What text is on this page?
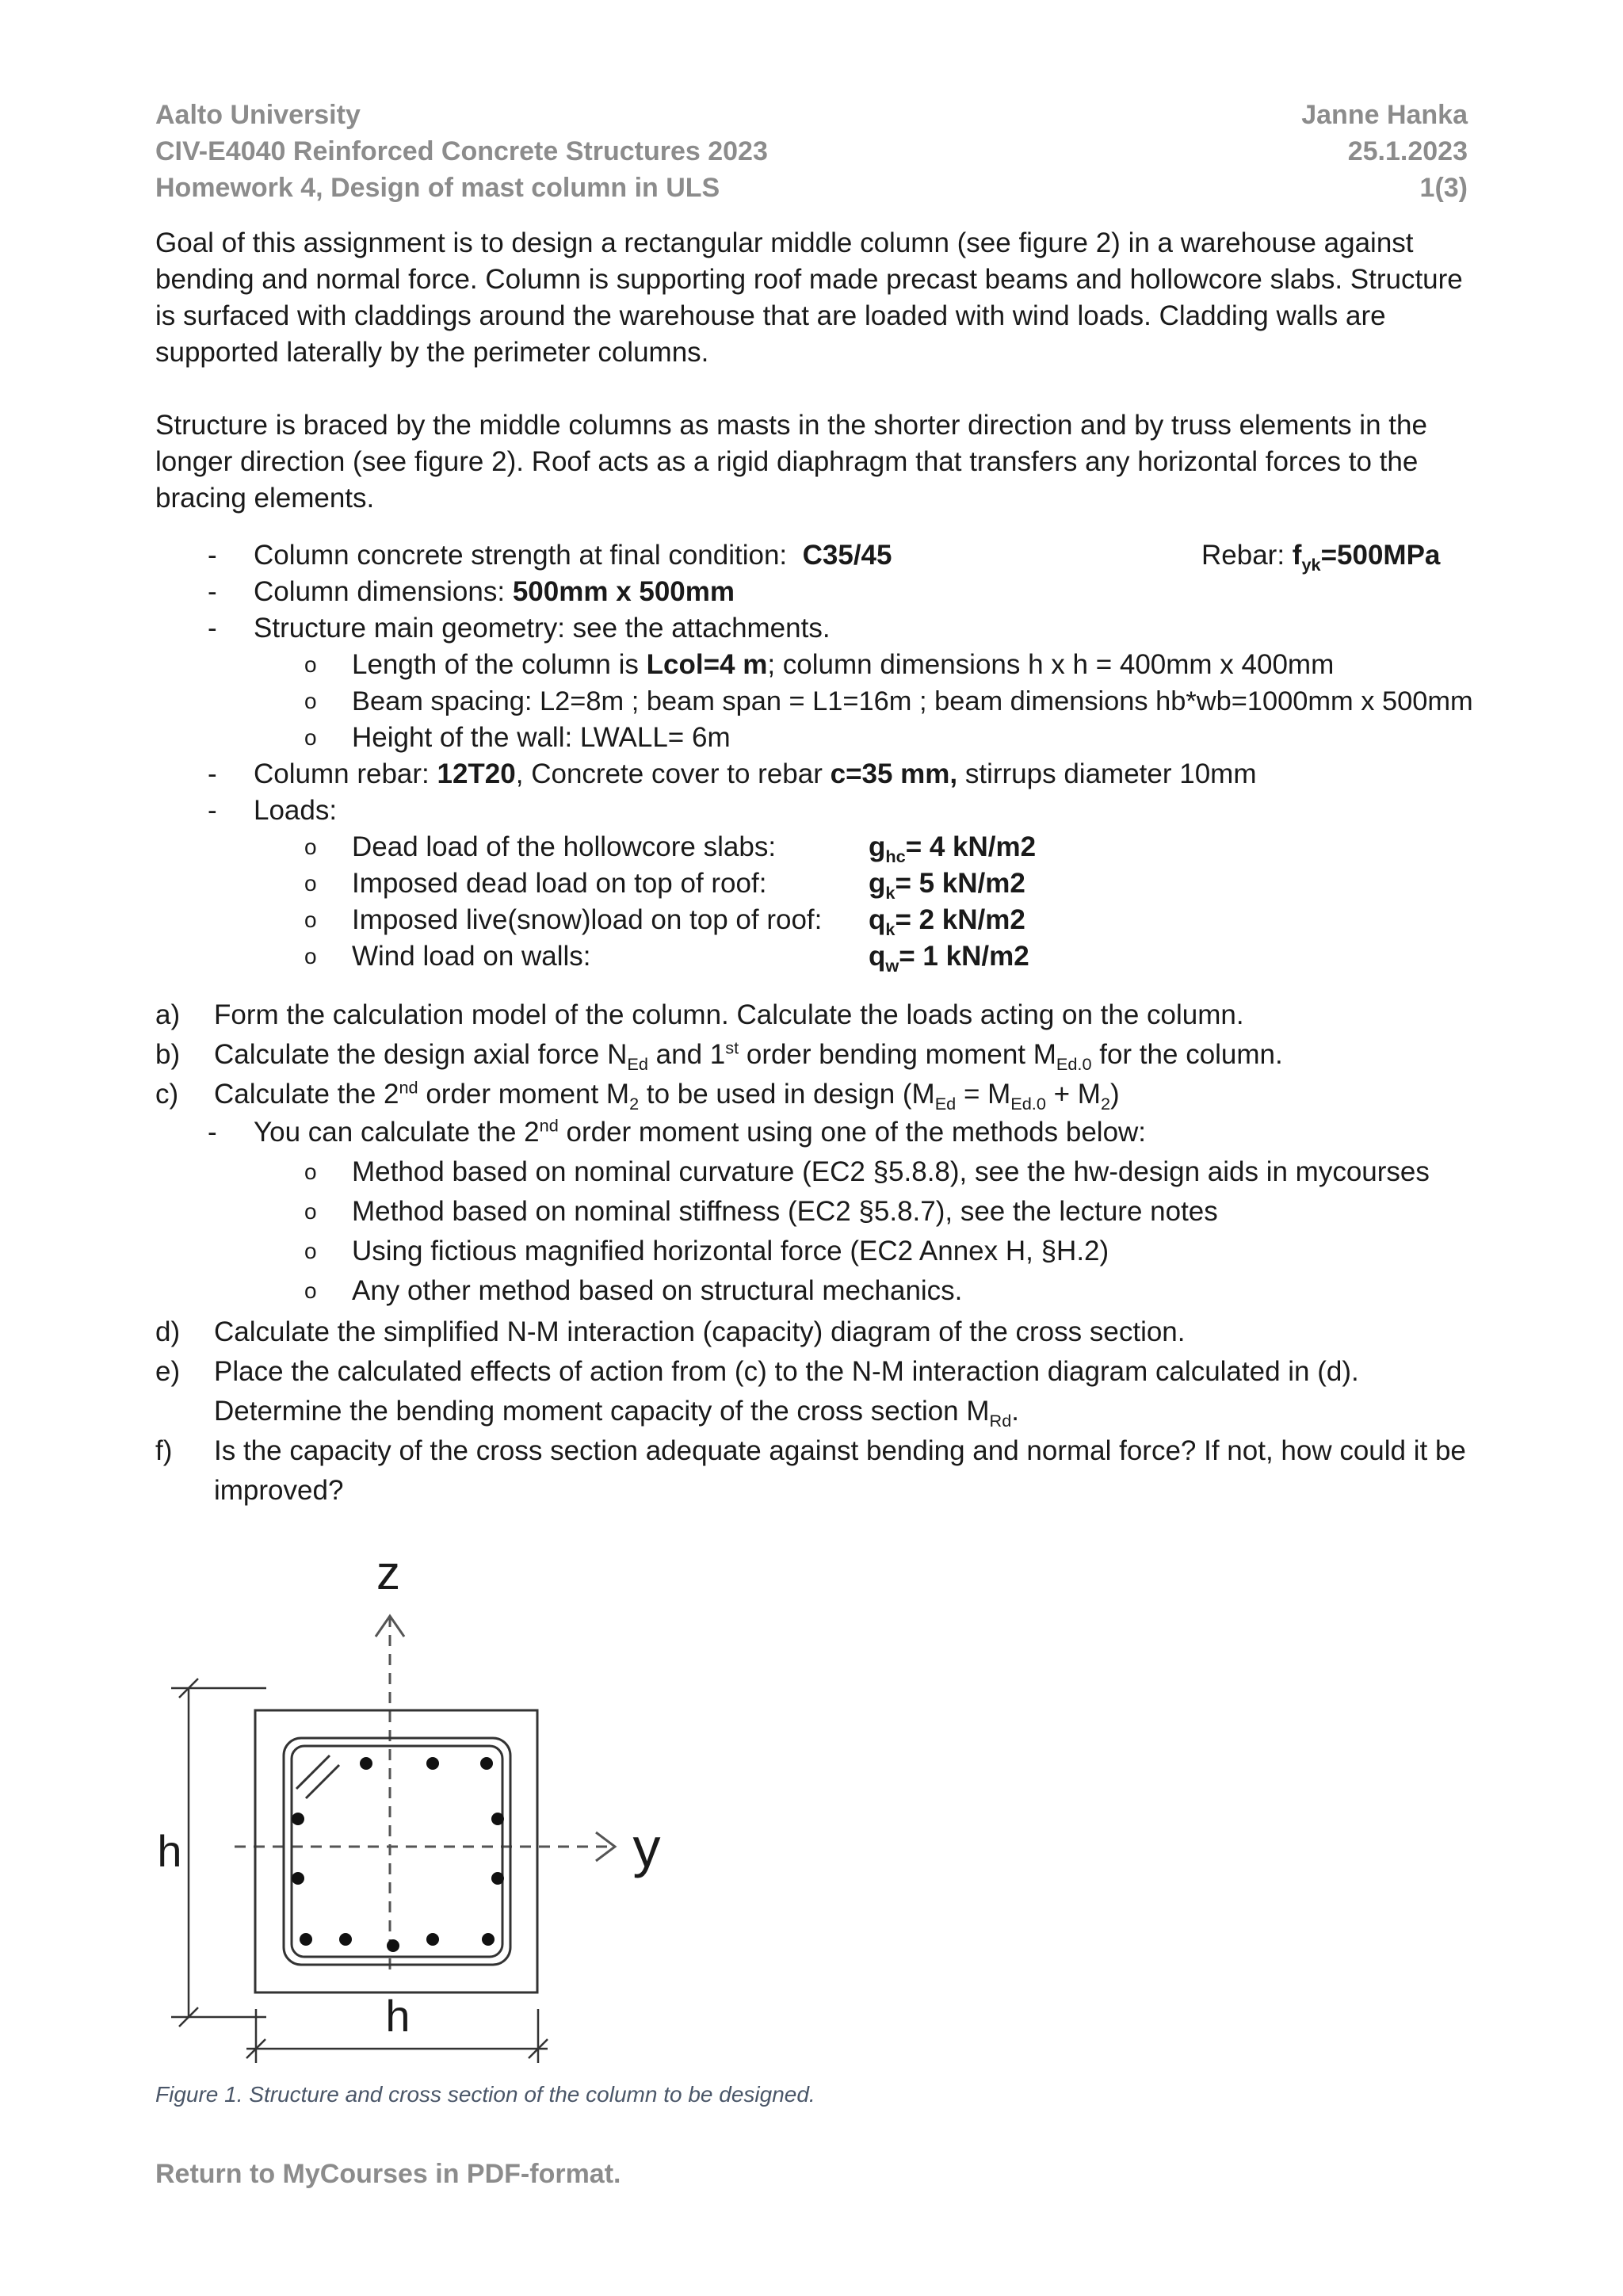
Aalto University
CIV-E4040 Reinforced Concrete Structures 2023
Homework 4, Design of mast column in ULS
Janne Hanka
25.1.2023
1(3)

Goal of this assignment is to design a rectangular middle column (see figure 2) in a warehouse against bending and normal force. Column is supporting roof made precast beams and hollowcore slabs. Structure is surfaced with claddings around the warehouse that are loaded with wind loads. Cladding walls are supported laterally by the perimeter columns.

Structure is braced by the middle columns as masts in the shorter direction and by truss elements in the longer direction (see figure 2). Roof acts as a rigid diaphragm that transfers any horizontal forces to the bracing elements.

- Column concrete strength at final condition: C35/45	Rebar: $f_{yk}=500MPa$
- Column dimensions: 500mm x 500mm
- Structure main geometry: see the attachments.
o Length of the column is Lcol=4 m; column dimensions h x h = 400mm x 400mm
o Beam spacing: L2=8m ; beam span = L1=16m ; beam dimensions hb*wb=1000mm x 500mm
o Height of the wall: LWALL= 6m
- Column rebar: 12T20, Concrete cover to rebar c=35 mm, stirrups diameter 10mm
- Loads:
o Dead load of the hollowcore slabs:	$g_{hc}= 4$ kN/m2
o Imposed dead load on top of roof:	$g_k= 5$ kN/m2
o Imposed live(snow)load on top of roof: $q_k= 2$ kN/m2
o Wind load on walls:	$q_w= 1$ kN/m2
a) Form the calculation model of the column. Calculate the loads acting on the column.
b) Calculate the design axial force $N_{Ed}$ and 1st order bending moment $M_{Ed.0}$ for the column.
c) Calculate the 2nd order moment $M_2$ to be used in design $(M_{Ed} = M_{Ed.0} + M_2)$
- You can calculate the 2nd order moment using one of the methods below:
o Method based on nominal curvature (EC2 §5.8.8), see the hw-design aids in mycourses
o Method based on nominal stiffness (EC2 §5.8.7), see the lecture notes
o Using fictious magnified horizontal force (EC2 Annex H, §H.2)
o Any other method based on structural mechanics.
d) Calculate the simplified N-M interaction (capacity) diagram of the cross section.
e) Place the calculated effects of action from (c) to the N-M interaction diagram calculated in (d).
Determine the bending moment capacity of the cross section $M_{Rd}$.
f) Is the capacity of the cross section adequate against bending and normal force? If not, how could it be
improved?
z
y
h
h
Figure 1. Structure and cross section of the column to be designed.
Return to MyCourses in PDF-format.
